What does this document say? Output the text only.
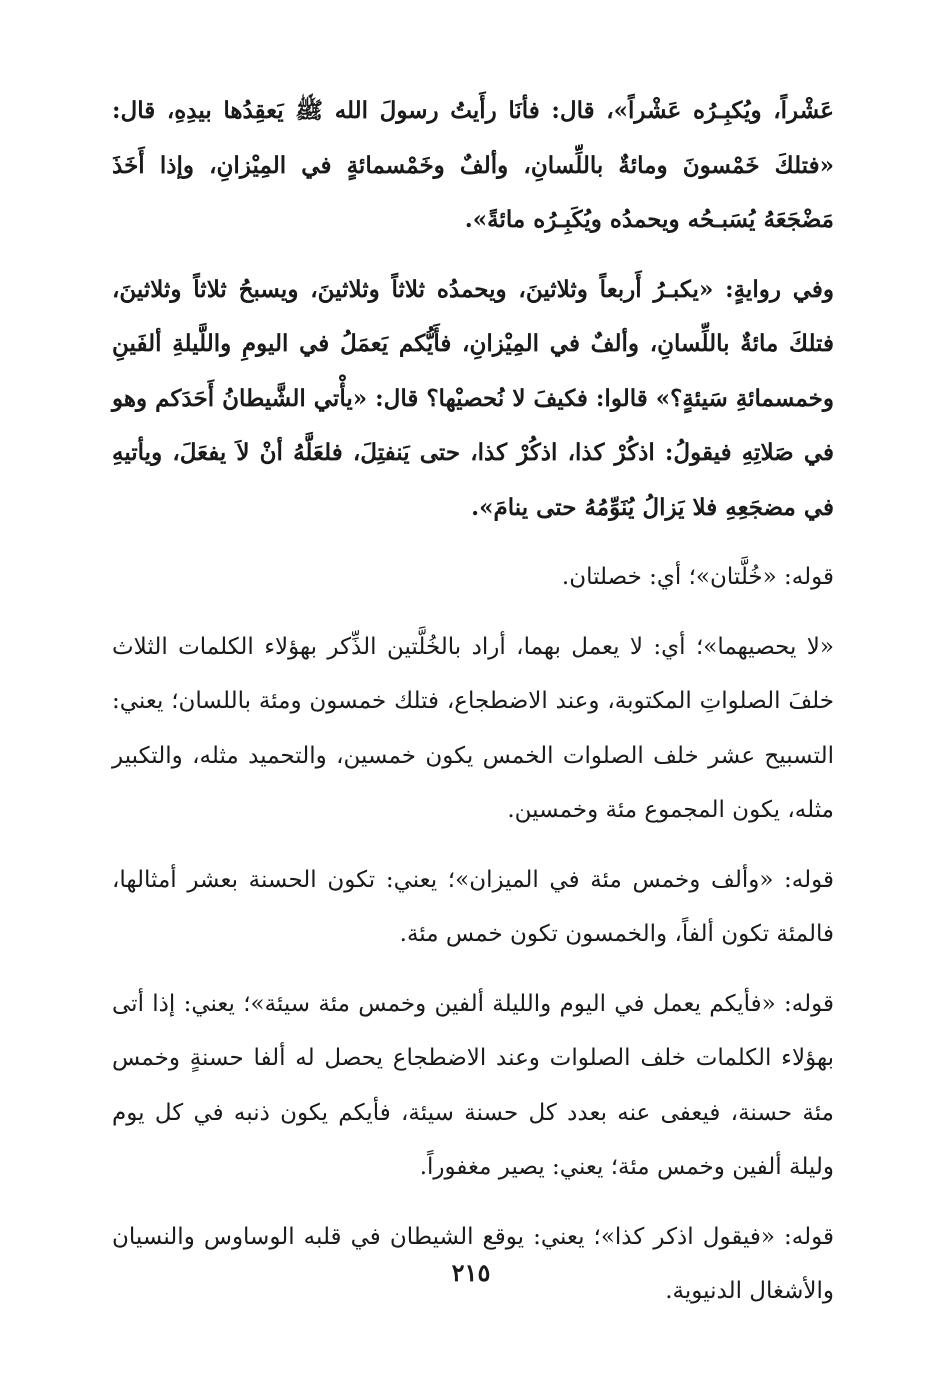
عَشْراً، ويُكبِـرُه عَشْراً»، قال: فأنَا رأَيتُ رسولَ الله ﷺ يَعقِدُها بيدِهِ، قال: «فتلكَ خَمْسونَ ومائةٌ باللِّسانِ، وألفٌ وخَمْسمائةٍ في المِيْزانِ، وإذا أَخَذَ مَضْجَعَهُ يُسَبـحُه ويحمدُه ويُكَبِـرُه مائةً».

وفي روايةٍ: «يكبـرُ أَربعاً وثلاثينَ، ويحمدُه ثلاثاً وثلاثينَ، ويسبحُ ثلاثاً وثلاثينَ، فتلكَ مائةٌ باللِّسانِ، وألفٌ في المِيْزانِ، فأَيُّكم يَعمَلُ في اليومِ واللَّيلةِ ألفَينِ وخمسمائةِ سَيئةٍ؟» قالوا: فكيفَ لا نُحصيْها؟ قال: «يأْتي الشَّيطانُ أَحَدَكم وهو في صَلاتِهِ فيقولُ: اذكُرْ كذا، اذكُرْ كذا، حتى يَنفتِلَ، فلعَلَّهُ أنْ لاَ يفعَلَ، ويأتيهِ في مضجَعِهِ فلا يَزالُ يُنَوِّمُهُ حتى ينامَ».

قوله: «خُلَّتان»؛ أي: خصلتان.

«لا يحصيهما»؛ أي: لا يعمل بهما، أراد بالخُلَّتين الذِّكر بهؤلاء الكلمات الثلاث خلفَ الصلواتِ المكتوبة، وعند الاضطجاع، فتلك خمسون ومئة باللسان؛ يعني: التسبيح عشر خلف الصلوات الخمس يكون خمسين، والتحميد مثله، والتكبير مثله، يكون المجموع مئة وخمسين.

قوله: «وألف وخمس مئة في الميزان»؛ يعني: تكون الحسنة بعشر أمثالها، فالمئة تكون ألفاً، والخمسون تكون خمس مئة.

قوله: «فأيكم يعمل في اليوم والليلة ألفين وخمس مئة سيئة»؛ يعني: إذا أتى بهؤلاء الكلمات خلف الصلوات وعند الاضطجاع يحصل له ألفا حسنةٍ وخمس مئة حسنة، فيعفى عنه بعدد كل حسنة سيئة، فأيكم يكون ذنبه في كل يوم وليلة ألفين وخمس مئة؛ يعني: يصير مغفوراً.

قوله: «فيقول اذكر كذا»؛ يعني: يوقع الشيطان في قلبه الوساوس والنسيان والأشغال الدنيوية.

٢١٥
